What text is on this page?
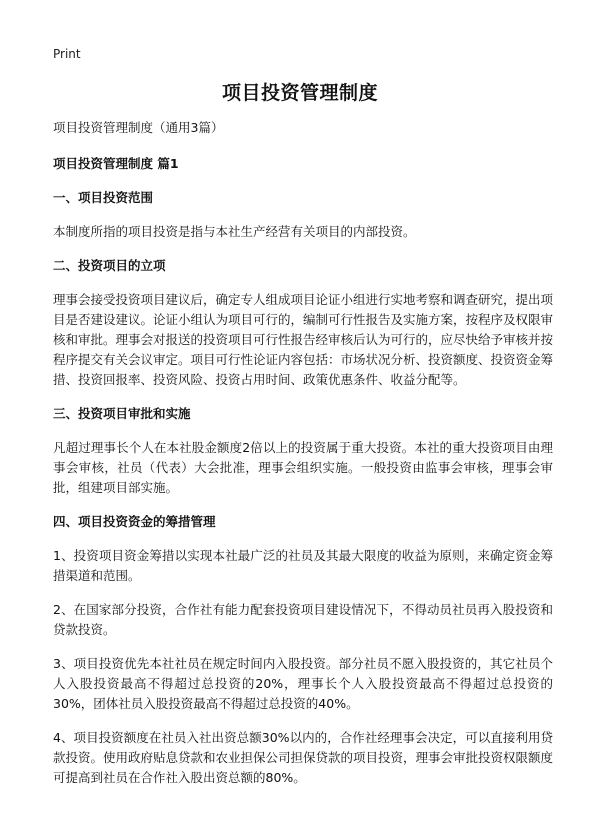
Print
项目投资管理制度

项目投资管理制度（通用3篇）

项目投资管理制度 篇1

一、项目投资范围

本制度所指的项目投资是指与本社生产经营有关项目的内部投资。

二、投资项目的立项

理事会接受投资项目建议后，确定专人组成项目论证小组进行实地考察和调查研究，提出项目是否建设建议。论证小组认为项目可行的，编制可行性报告及实施方案，按程序及权限审核和审批。理事会对报送的投资项目可行性报告经审核后认为可行的，应尽快给予审核并按程序提交有关会议审定。项目可行性论证内容包括：市场状况分析、投资额度、投资资金筹措、投资回报率、投资风险、投资占用时间、政策优惠条件、收益分配等。

三、投资项目审批和实施

凡超过理事长个人在本社股金额度2倍以上的投资属于重大投资。本社的重大投资项目由理事会审核，社员（代表）大会批准，理事会组织实施。一般投资由监事会审核，理事会审批，组建项目部实施。

四、项目投资资金的筹措管理

1、投资项目资金筹措以实现本社最广泛的社员及其最大限度的收益为原则，来确定资金筹措渠道和范围。

2、在国家部分投资，合作社有能力配套投资项目建设情况下，不得动员社员再入股投资和贷款投资。

3、项目投资优先本社社员在规定时间内入股投资。部分社员不愿入股投资的，其它社员个人入股投资最高不得超过总投资的20%，理事长个人入股投资最高不得超过总投资的30%，团体社员入股投资最高不得超过总投资的40%。

4、项目投资额度在社员入社出资总额30%以内的，合作社经理事会决定，可以直接利用贷款投资。使用政府贴息贷款和农业担保公司担保贷款的项目投资，理事会审批投资权限额度可提高到社员在合作社入股出资总额的80%。
